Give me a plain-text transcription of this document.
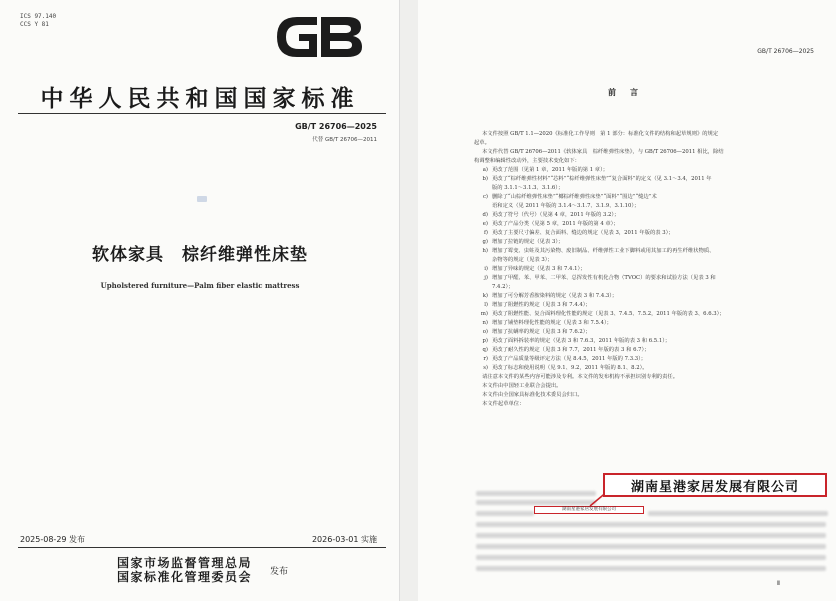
ICS 97.140
CCS Y 81
中华人民共和国国家标准
GB/T 26706—2025
代替 GB/T 26706—2011
软体家具　棕纤维弹性床垫
Upholstered furniture—Palm fiber elastic mattress
2025-08-29 发布	2026-03-01 实施
国家市场监督管理总局
国家标准化管理委员会 发布
GB/T 26706—2025
前言
本文件按照 GB/T 1.1—2020《标准化工作导则　第 1 部分：标准化文件的结构和起草规则》的规定
起草。
本文件代替 GB/T 26706—2011《软体家具　棕纤维弹性床垫》，与 GB/T 26706—2011 相比，除结
构调整和编辑性改动外，主要技术变化如下：
a) 更改了范围（见第 1 章，2011 年版的第 1 章）；
b) 更改了“棕纤维弹性材料”“芯料”“棕纤维弹性床垫”“复合面料”的定义（见 3.1～3.4，2011 年
版的 3.1.1～3.1.3、3.1.6）；
c) 删除了“山棕纤维弹性床垫”“椰棕纤维弹性床垫”“面料”“围边”“缝边”术
语和定义（见 2011 年版的 3.1.4～3.1.7、3.1.9、3.1.10）；
d) 更改了符号（代号）（见第 4 章，2011 年版的 3.2）；
e) 更改了产品分类（见第 5 章，2011 年版的第 4 章）；
f) 更改了主要尺寸偏差、复合面料、缝边的规定（见表 3，2011 年版的表 3）；
g) 增加了拉链的规定（见表 3）；
h) 增加了霉变、虫蛀及其污染物、废旧制品、纤维弹性工业下脚料或用其加工的再生纤维状物质、
杂物等的规定（见表 3）；
i) 增加了异味的规定（见表 3 和 7.4.1）；
j) 增加了甲醛、苯、甲苯、二甲苯、总挥发性有机化合物（TVOC）的要求和试验方法（见表 3 和
7.4.2）；
k) 增加了可分解芳香胺染料的规定（见表 3 和 7.4.3）；
l) 增加了阻燃性的规定（见表 3 和 7.4.4）；
m) 更改了阻燃性能、复合面料理化性能的规定（见表 3、7.4.5、7.5.2，2011 年版的表 3、6.6.3）；
n) 增加了铺垫料理化性能的规定（见表 3 和 7.5.4）；
o) 增加了抗螨率的规定（见表 3 和 7.6.2）；
p) 更改了面料拆装率的规定（见表 3 和 7.6.3，2011 年版的表 3 和 6.5.1）；
q) 更改了耐久性的规定（见表 3 和 7.7，2011 年版的表 3 和 6.7）；
r) 更改了产品质量等级评定方法（见 8.4.5，2011 年版的 7.3.3）；
s) 更改了标志和使用说明（见 9.1、9.2，2011 年版的 8.1、8.2）。
请注意本文件的某些内容可能涉及专利。本文件的发布机构不承担识别专利的责任。
本文件由中国轻工业联合会提出。
本文件由全国家具标准化技术委员会归口。
本文件起草单位：
湖南星港家居发展有限公司
湖南星港家居发展有限公司
Ⅱ
